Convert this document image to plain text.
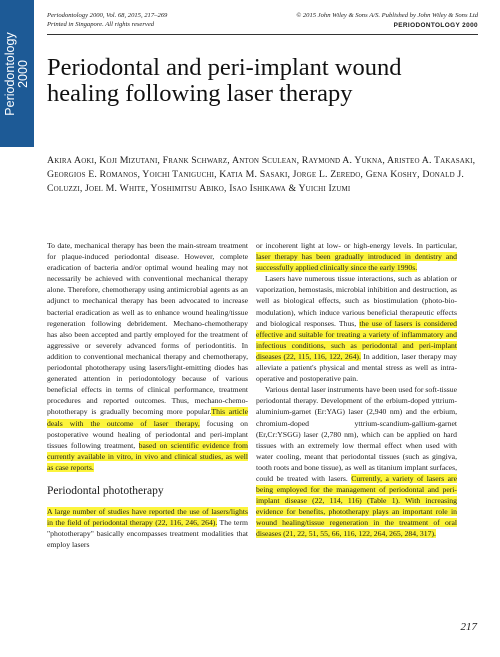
Periodontology 2000
Periodontology 2000, Vol. 68, 2015, 217–269
Printed in Singapore. All rights reserved
© 2015 John Wiley & Sons A/S. Published by John Wiley & Sons Ltd
PERIODONTOLOGY 2000
Periodontal and peri-implant wound healing following laser therapy
Akira Aoki, Koji Mizutani, Frank Schwarz, Anton Sculean, Raymond A. Yukna, Aristeo A. Takasaki, Georgios E. Romanos, Yoichi Taniguchi, Katia M. Sasaki, Jorge L. Zeredo, Gena Koshy, Donald J. Coluzzi, Joel M. White, Yoshimitsu Abiko, Isao Ishikawa & Yuichi Izumi

To date, mechanical therapy has been the main-stream treatment for plaque-induced periodontal disease. However, complete eradication of bacteria and/or optimal wound healing may not necessarily be achieved with conventional mechanical therapy alone. Therefore, chemotherapy using antimicrobial agents as an adjunct to mechanical therapy has been advocated to increase bacterial eradication as well as to enhance wound healing/tissue regeneration following debridement. Mechano-chemotherapy has also been accepted and partly employed for the treatment of aggressive or severely advanced forms of periodontitis. In addition to conventional mechanical therapy and chemotherapy, periodontal phototherapy using lasers/light-emitting diodes has generated attention in periodontology because of various beneficial effects in terms of clinical performance, treatment procedures and reported outcomes. Thus, mechano-chemo-phototherapy is gradually becoming more popular.This article deals with the outcome of laser therapy, focusing on postoperative wound healing of periodontal and peri-implant tissues following treatment, based on scientific evidence from currently available in vitro, in vivo and clinical studies, as well as case reports.

Periodontal phototherapy

A large number of studies have reported the use of lasers/lights in the field of periodontal therapy (22, 116, 246, 264). The term "phototherapy" basically encompasses treatment modalities that employ lasers

or incoherent light at low- or high-energy levels. In particular, laser therapy has been gradually introduced in dentistry and successfully applied clinically since the early 1990s.

Lasers have numerous tissue interactions, such as ablation or vaporization, hemostasis, microbial inhibition and destruction, as well as biological effects, such as biostimulation (photo-bio-modulation), which induce various beneficial therapeutic effects and biological responses. Thus, the use of lasers is considered effective and suitable for treating a variety of inflammatory and infectious conditions, such as periodontal and peri-implant diseases (22, 115, 116, 122, 264). In addition, laser therapy may alleviate a patient's physical and mental stress as well as intra-operative and postoperative pain.

Various dental laser instruments have been used for soft-tissue periodontal therapy. Development of the erbium-doped yttrium-aluminium-garnet (Er:YAG) laser (2,940 nm) and the erbium, chromium-doped yttrium-scandium-gallium-garnet (Er,Cr:YSGG) laser (2,780 nm), which can be applied on hard tissues with an extremely low thermal effect when used with water cooling, meant that periodontal tissues (such as gingiva, tooth roots and bone tissue), as well as titanium implant surfaces, could be treated with lasers. Currently, a variety of lasers are being employed for the management of periodontal and peri-implant disease (22, 114, 116) (Table 1). With increasing evidence for benefits, phototherapy plays an important role in wound healing/tissue regeneration in the treatment of oral diseases (21, 22, 51, 55, 66, 116, 122, 264, 265, 284, 317).

217
